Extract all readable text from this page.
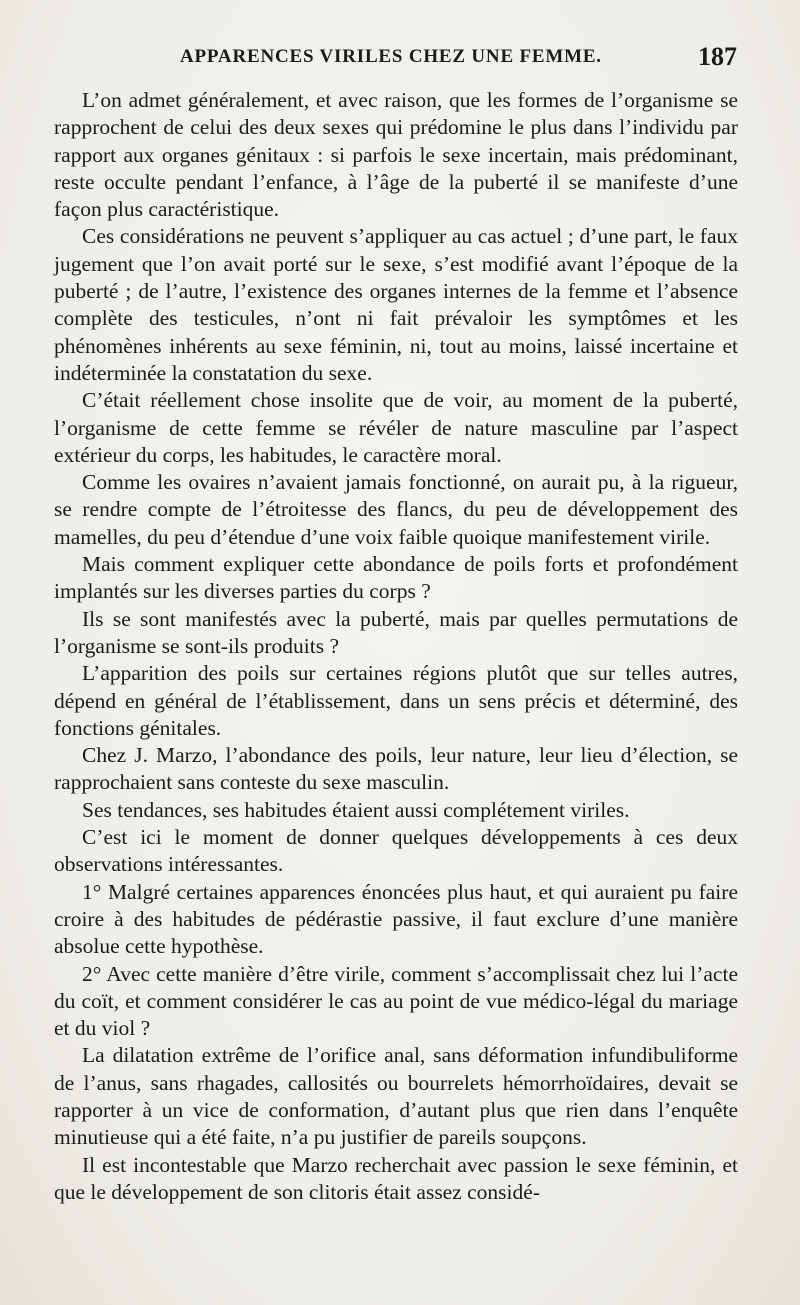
APPARENCES VIRILES CHEZ UNE FEMME.	187

L’on admet généralement, et avec raison, que les formes de l’organisme se rapprochent de celui des deux sexes qui prédomine le plus dans l’individu par rapport aux organes génitaux : si parfois le sexe incertain, mais prédominant, reste occulte pendant l’enfance, à l’âge de la puberté il se manifeste d’une façon plus caractéristique.

Ces considérations ne peuvent s’appliquer au cas actuel ; d’une part, le faux jugement que l’on avait porté sur le sexe, s’est modifié avant l’époque de la puberté ; de l’autre, l’existence des organes internes de la femme et l’absence complète des testicules, n’ont ni fait prévaloir les symptômes et les phénomènes inhérents au sexe féminin, ni, tout au moins, laissé incertaine et indéterminée la constatation du sexe.

C’était réellement chose insolite que de voir, au moment de la puberté, l’organisme de cette femme se révéler de nature masculine par l’aspect extérieur du corps, les habitudes, le caractère moral.

Comme les ovaires n’avaient jamais fonctionné, on aurait pu, à la rigueur, se rendre compte de l’étroitesse des flancs, du peu de développement des mamelles, du peu d’étendue d’une voix faible quoique manifestement virile.

Mais comment expliquer cette abondance de poils forts et profondément implantés sur les diverses parties du corps ?

Ils se sont manifestés avec la puberté, mais par quelles permutations de l’organisme se sont-ils produits ?

L’apparition des poils sur certaines régions plutôt que sur telles autres, dépend en général de l’établissement, dans un sens précis et déterminé, des fonctions génitales.

Chez J. Marzo, l’abondance des poils, leur nature, leur lieu d’élection, se rapprochaient sans conteste du sexe masculin.

Ses tendances, ses habitudes étaient aussi complétement viriles.

C’est ici le moment de donner quelques développements à ces deux observations intéressantes.

1° Malgré certaines apparences énoncées plus haut, et qui auraient pu faire croire à des habitudes de pédérastie passive, il faut exclure d’une manière absolue cette hypothèse.

2° Avec cette manière d’être virile, comment s’accomplissait chez lui l’acte du coït, et comment considérer le cas au point de vue médico-légal du mariage et du viol ?

La dilatation extrême de l’orifice anal, sans déformation infundibuliforme de l’anus, sans rhagades, callosités ou bourrelets hémorrhoïdaires, devait se rapporter à un vice de conformation, d’autant plus que rien dans l’enquête minutieuse qui a été faite, n’a pu justifier de pareils soupçons.

Il est incontestable que Marzo recherchait avec passion le sexe féminin, et que le développement de son clitoris était assez considé-
